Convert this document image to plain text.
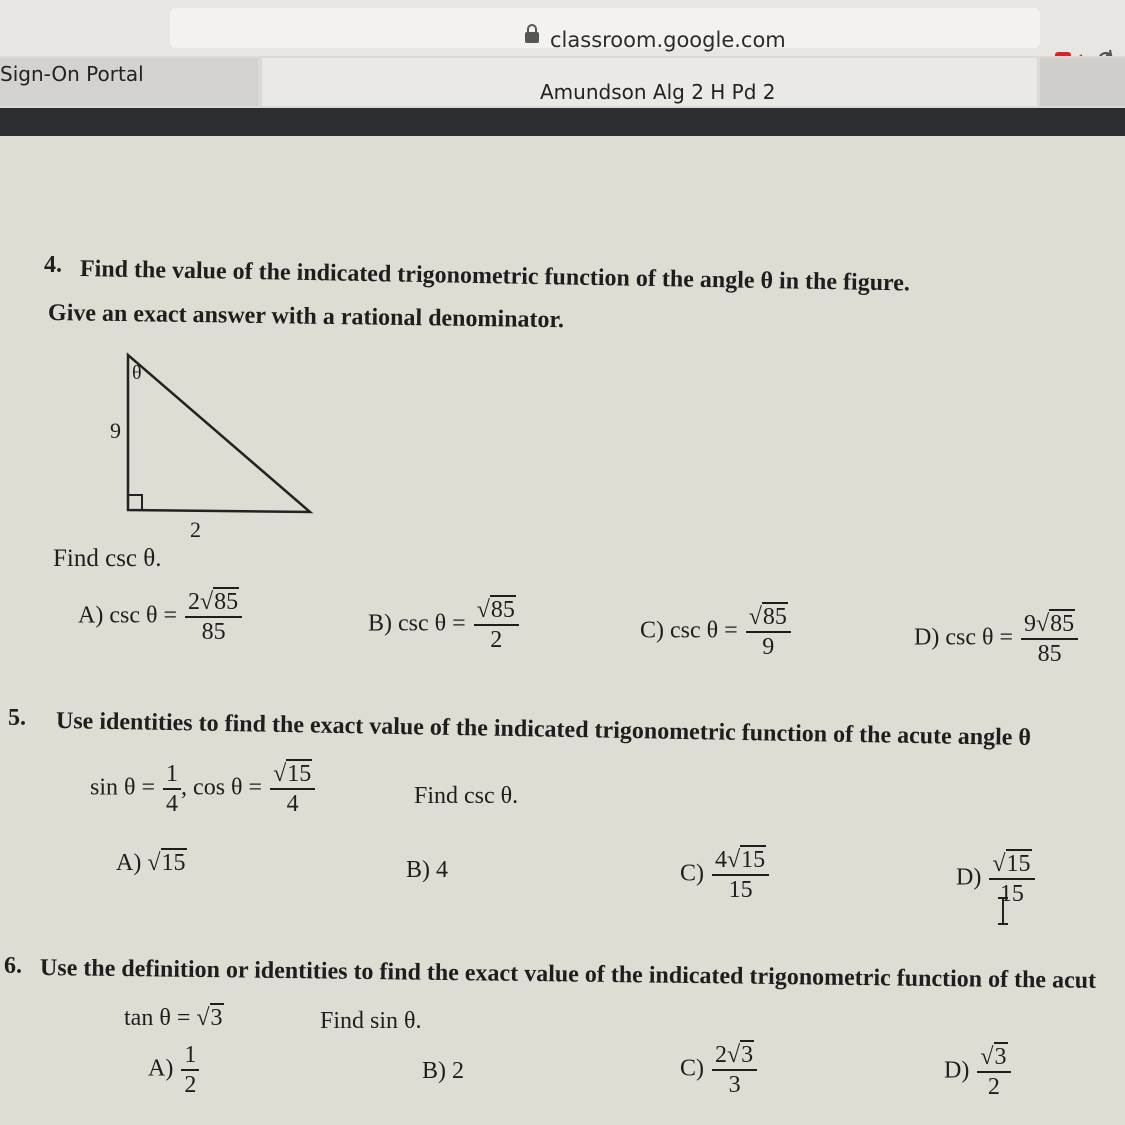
classroom.google.com
Sign-On Portal
Amundson Alg 2 H Pd 2
4. Find the value of the indicated trigonometric function of the angle θ in the figure.
Give an exact answer with a rational denominator.
θ
9
2
Find csc θ.
A) $\csc \theta = \frac{2√85}{85}$	B) $\csc \theta = \frac{√85}{2}$	C) $\csc \theta = \frac{√85}{9}$	D) $\csc \theta = \frac{9√85}{85}$
5. Use identities to find the exact value of the indicated trigonometric function of the acute angle θ
$\sin \theta = \frac{1}{4}$ , $\cos \theta = \frac{√15}{4}$	Find csc θ.
A) √15	B) 4	$C) \frac{4√15}{15}$	$D) \frac{√15}{15}$
6. Use the definition or identities to find the exact value of the indicated trigonometric function of the acut
tan θ = √3	Find sin θ.
$A) \frac{1}{2}$	B) 2	$C) \frac{2√3}{3}$	$D) \frac{√3}{2}$
